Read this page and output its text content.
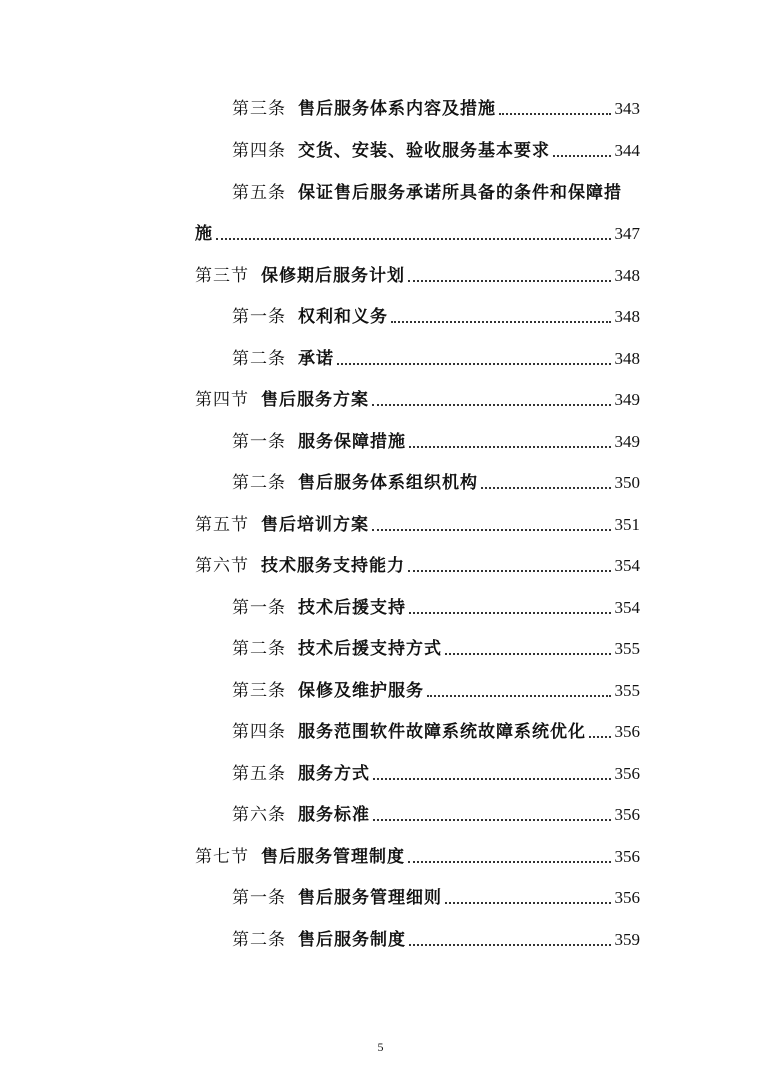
第三条 售后服务体系内容及措施	343
第四条 交货、安装、验收服务基本要求	344
第五条 保证售后服务承诺所具备的条件和保障措
施	347
第三节 保修期后服务计划	348
第一条 权利和义务	348
第二条 承诺	348
第四节 售后服务方案	349
第一条 服务保障措施	349
第二条 售后服务体系组织机构	350
第五节 售后培训方案	351
第六节 技术服务支持能力	354
第一条 技术后援支持	354
第二条 技术后援支持方式	355
第三条 保修及维护服务	355
第四条 服务范围软件故障系统故障系统优化 356
第五条 服务方式	356
第六条 服务标准	356
第七节 售后服务管理制度	356
第一条 售后服务管理细则	356
第二条 售后服务制度	359
5
